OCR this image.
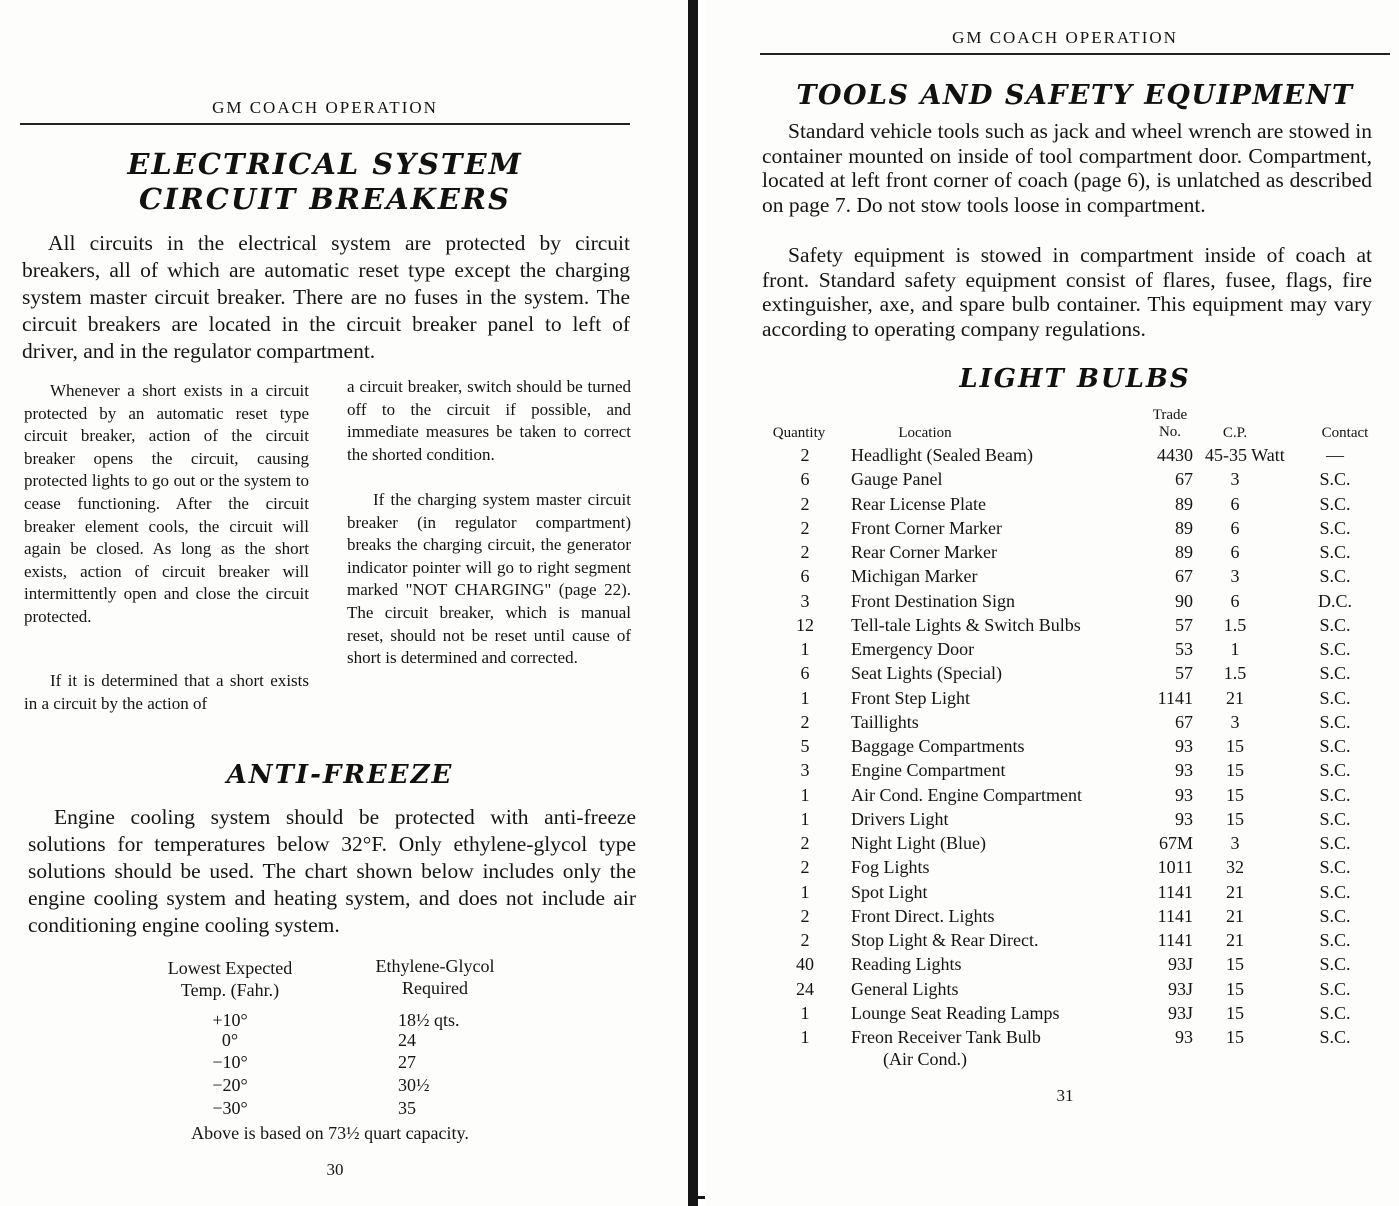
GM COACH OPERATION
ELECTRICAL SYSTEM
CIRCUIT BREAKERS

All circuits in the electrical system are protected by circuit breakers, all of which are automatic reset type except the charging system master circuit breaker. There are no fuses in the system. The circuit breakers are located in the circuit breaker panel to left of driver, and in the regulator compartment.

Whenever a short exists in a circuit protected by an automatic reset type circuit breaker, action of the circuit breaker opens the circuit, causing protected lights to go out or the system to cease functioning. After the circuit breaker element cools, the circuit will again be closed. As long as the short exists, action of circuit breaker will intermittently open and close the circuit protected.

If it is determined that a short exists in a circuit by the action of

a circuit breaker, switch should be turned off to the circuit if possible, and immediate measures be taken to correct the shorted condition.

If the charging system master circuit breaker (in regulator compartment) breaks the charging circuit, the generator indicator pointer will go to right segment marked "NOT CHARGING" (page 22). The circuit breaker, which is manual reset, should not be reset until cause of short is determined and corrected.

ANTI-FREEZE

Engine cooling system should be protected with anti-freeze solutions for temperatures below 32°F. Only ethylene-glycol type solutions should be used. The chart shown below includes only the engine cooling system and heating system, and does not include air conditioning engine cooling system.

Lowest Expected
Temp. (Fahr.)
Ethylene-Glycol
Required
+10°	18½ qts.
0°	24
−10°	27
−20°	30½
−30°	35
Above is based on 73½ quart capacity.
30
GM COACH OPERATION
TOOLS AND SAFETY EQUIPMENT

Standard vehicle tools such as jack and wheel wrench are stowed in container mounted on inside of tool compartment door. Compartment, located at left front corner of coach (page 6), is unlatched as described on page 7. Do not stow tools loose in compartment.

Safety equipment is stowed in compartment inside of coach at front. Standard safety equipment consist of flares, fusee, flags, fire extinguisher, axe, and spare bulb container. This equipment may vary according to operating company regulations.

LIGHT BULBS
Quantity	Location
Trade
No.	C.P.	Contact
2	Headlight (Sealed Beam)	4430 45-35 Watt	—
6	Gauge Panel	67	3	S.C.
2	Rear License Plate	89	6	S.C.
2	Front Corner Marker	89	6	S.C.
2	Rear Corner Marker	89	6	S.C.
6	Michigan Marker	67	3	S.C.
3	Front Destination Sign	90	6	D.C.
12	Tell-tale Lights & Switch Bulbs	57	1.5	S.C.
1	Emergency Door	53	1	S.C.
6	Seat Lights (Special)	57	1.5	S.C.
1	Front Step Light	1141	21	S.C.
2	Taillights	67	3	S.C.
5	Baggage Compartments	93	15	S.C.
3	Engine Compartment	93	15	S.C.
1	Air Cond. Engine Compartment	93	15	S.C.
1	Drivers Light	93	15	S.C.
2	Night Light (Blue)	67M	3	S.C.
2	Fog Lights	1011	32	S.C.
1	Spot Light	1141	21	S.C.
2	Front Direct. Lights	1141	21	S.C.
2	Stop Light & Rear Direct.	1141	21	S.C.
40	Reading Lights	93J	15	S.C.
24	General Lights	93J	15	S.C.
1	Lounge Seat Reading Lamps	93J	15	S.C.
1	Freon Receiver Tank Bulb	93	15	S.C.
(Air Cond.)
31
